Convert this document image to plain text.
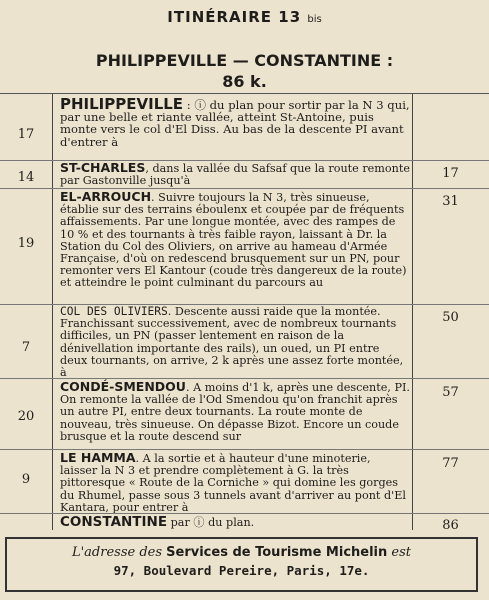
ITINÉRAIRE 13 bis
PHILIPPEVILLE — CONSTANTINE :
86 k.
PHILIPPEVILLE : ⓘ du plan pour sortir par la N 3 qui, par une belle et riante vallée, atteint St-Antoine, puis monte vers le col d'El Diss. Au bas de la descente PI avant d'entrer à
17
ST-CHARLES, dans la vallée du Safsaf que la route remonte par Gastonville jusqu'à
14	17
EL-ARROUCH. Suivre toujours la N 3, très sinueuse, établie sur des terrains éboulenx et coupée par de fréquents affaissements. Par une longue montée, avec des rampes de 10 % et des tournants à très faible rayon, laissant à Dr. la Station du Col des Oliviers, on arrive au hameau d'Armée Française, d'où on redescend brusquement sur un PN, pour remonter vers El Kantour (coude très dangereux de la route) et atteindre le point culminant du parcours au
19
31
COL DES OLIVIERS. Descente aussi raide que la montée. Franchissant successivement, avec de nombreux tournants difficiles, un PN (passer lentement en raison de la dénivellation importante des rails), un oued, un PI entre deux tournants, on arrive, 2 k après une assez forte montée, à
7
50
CONDÉ-SMENDOU. A moins d'1 k, après une descente, PI. On remonte la vallée de l'Od Smendou qu'on franchit après un autre PI, entre deux tournants. La route monte de nouveau, très sinueuse. On dépasse Bizot. Encore un coude brusque et la route descend sur
20
57
LE HAMMA. A la sortie et à hauteur d'une minoterie, laisser la N 3 et prendre complètement à G. la très pittoresque « Route de la Corniche » qui domine les gorges du Rhumel, passe sous 3 tunnels avant d'arriver au pont d'El Kantara, pour entrer à
9
77
CONSTANTINE par ⓘ du plan.	86
L'adresse des Services de Tourisme Michelin est
97, Boulevard Pereire, Paris, 17e.
